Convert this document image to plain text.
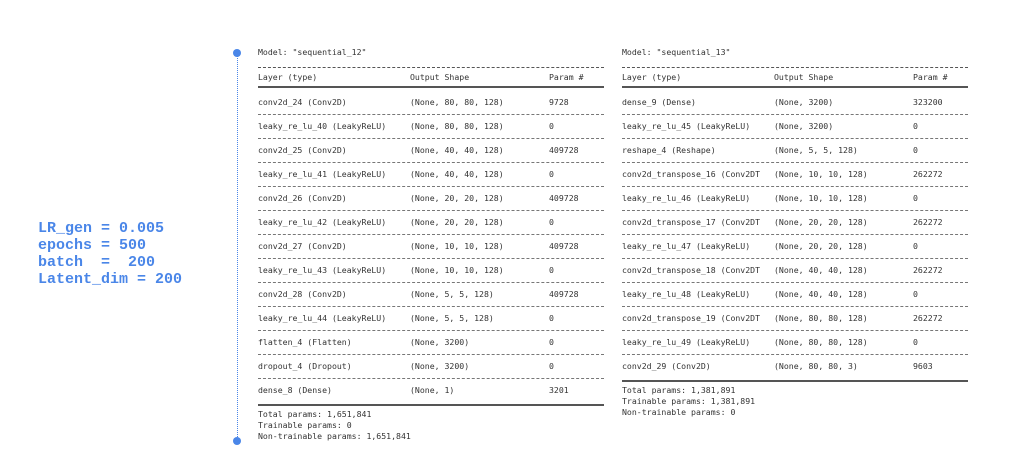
LR_gen = 0.005
epochs = 500
batch  =  200
Latent_dim = 200
Model: "sequential_12"
Layer (type)	Output Shape	Param #
conv2d_24 (Conv2D)	(None, 80, 80, 128)	9728
leaky_re_lu_40 (LeakyReLU)	(None, 80, 80, 128)	0
conv2d_25 (Conv2D)	(None, 40, 40, 128)	409728
leaky_re_lu_41 (LeakyReLU)	(None, 40, 40, 128)	0
conv2d_26 (Conv2D)	(None, 20, 20, 128)	409728
leaky_re_lu_42 (LeakyReLU)	(None, 20, 20, 128)	0
conv2d_27 (Conv2D)	(None, 10, 10, 128)	409728
leaky_re_lu_43 (LeakyReLU)	(None, 10, 10, 128)	0
conv2d_28 (Conv2D)	(None, 5, 5, 128)	409728
leaky_re_lu_44 (LeakyReLU)	(None, 5, 5, 128)	0
flatten_4 (Flatten)	(None, 3200)	0
dropout_4 (Dropout)	(None, 3200)	0
dense_8 (Dense)	(None, 1)	3201
Total params: 1,651,841
Trainable params: 0
Non-trainable params: 1,651,841
Model: "sequential_13"
Layer (type)	Output Shape	Param #
dense_9 (Dense)	(None, 3200)	323200
leaky_re_lu_45 (LeakyReLU)	(None, 3200)	0
reshape_4 (Reshape)	(None, 5, 5, 128)	0
conv2d_transpose_16 (Conv2DT	(None, 10, 10, 128)	262272
leaky_re_lu_46 (LeakyReLU)	(None, 10, 10, 128)	0
conv2d_transpose_17 (Conv2DT	(None, 20, 20, 128)	262272
leaky_re_lu_47 (LeakyReLU)	(None, 20, 20, 128)	0
conv2d_transpose_18 (Conv2DT	(None, 40, 40, 128)	262272
leaky_re_lu_48 (LeakyReLU)	(None, 40, 40, 128)	0
conv2d_transpose_19 (Conv2DT	(None, 80, 80, 128)	262272
leaky_re_lu_49 (LeakyReLU)	(None, 80, 80, 128)	0
conv2d_29 (Conv2D)	(None, 80, 80, 3)	9603
Total params: 1,381,891
Trainable params: 1,381,891
Non-trainable params: 0
